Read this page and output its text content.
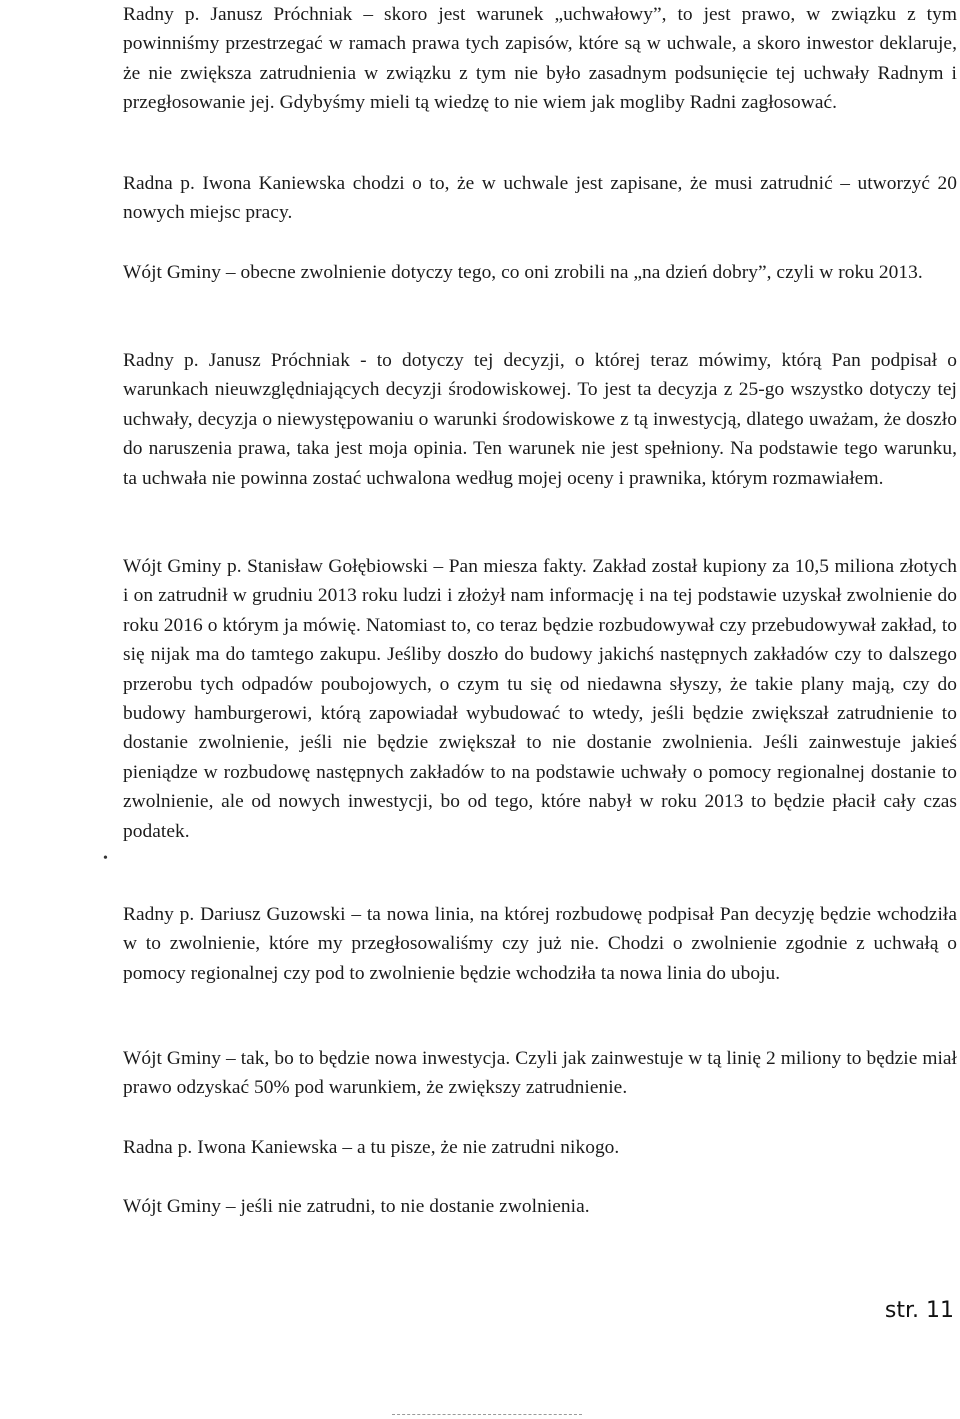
Radny p. Janusz Próchniak – skoro jest warunek „uchwałowy”, to jest prawo, w związku z tym powinniśmy przestrzegać w ramach prawa tych zapisów, które są w uchwale, a skoro inwestor deklaruje, że nie zwiększa zatrudnienia w związku z tym nie było zasadnym podsunięcie tej uchwały Radnym i przegłosowanie jej. Gdybyśmy mieli tą wiedzę to nie wiem jak mogliby Radni zagłosować.

Radna p. Iwona Kaniewska chodzi o to, że w uchwale jest zapisane, że musi zatrudnić – utworzyć 20 nowych miejsc pracy.

Wójt Gminy – obecne zwolnienie dotyczy tego, co oni zrobili na „na dzień dobry”, czyli w roku 2013.

Radny p. Janusz Próchniak - to dotyczy tej decyzji, o której teraz mówimy, którą Pan podpisał o warunkach nieuwzględniających decyzji środowiskowej. To jest ta decyzja z 25-go wszystko dotyczy tej uchwały, decyzja o niewystępowaniu o warunki środowiskowe z tą inwestycją, dlatego uważam, że doszło do naruszenia prawa, taka jest moja opinia. Ten warunek nie jest spełniony. Na podstawie tego warunku, ta uchwała nie powinna zostać uchwalona według mojej oceny i prawnika, którym rozmawiałem.

Wójt Gminy p. Stanisław Gołębiowski – Pan miesza fakty. Zakład został kupiony za 10,5 miliona złotych i on zatrudnił w grudniu 2013 roku ludzi i złożył nam informację i na tej podstawie uzyskał zwolnienie do roku 2016 o którym ja mówię. Natomiast to, co teraz będzie rozbudowywał czy przebudowywał zakład, to się nijak ma do tamtego zakupu. Jeśliby doszło do budowy jakichś następnych zakładów czy to dalszego przerobu tych odpadów poubojowych, o czym tu się od niedawna słyszy, że takie plany mają, czy do budowy hamburgerowi, którą zapowiadał wybudować to wtedy, jeśli będzie zwiększał zatrudnienie to dostanie zwolnienie, jeśli nie będzie zwiększał to nie dostanie zwolnienia. Jeśli zainwestuje jakieś pieniądze w rozbudowę następnych zakładów to na podstawie uchwały o pomocy regionalnej dostanie to zwolnienie, ale od nowych inwestycji, bo od tego, które nabył w roku 2013 to będzie płacił cały czas podatek.

•

Radny p. Dariusz Guzowski – ta nowa linia, na której rozbudowę podpisał Pan decyzję będzie wchodziła w to zwolnienie, które my przegłosowaliśmy czy już nie. Chodzi o zwolnienie zgodnie z uchwałą o pomocy regionalnej czy pod to zwolnienie będzie wchodziła ta nowa linia do uboju.

Wójt Gminy – tak, bo to będzie nowa inwestycja. Czyli jak zainwestuje w tą linię 2 miliony to będzie miał prawo odzyskać 50% pod warunkiem, że zwiększy zatrudnienie.

Radna p. Iwona Kaniewska – a tu pisze, że nie zatrudni nikogo.

Wójt Gminy – jeśli nie zatrudni, to nie dostanie zwolnienia.

str. 11
